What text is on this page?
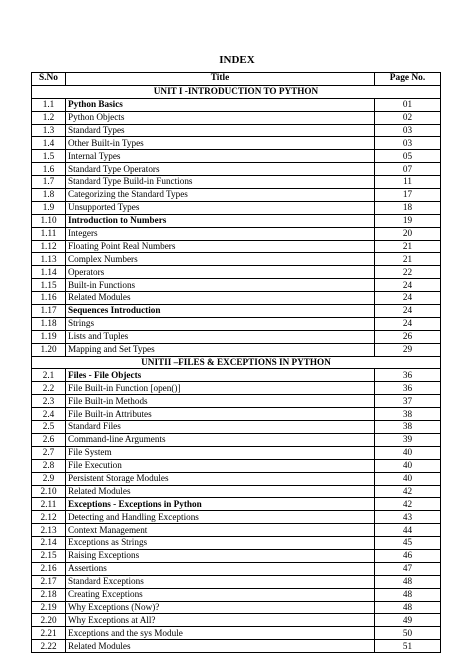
INDEX
S.No	Title	Page No.
UNIT I -INTRODUCTION TO PYTHON		
1.1	Python Basics	01
1.2	Python Objects	02
1.3	Standard Types	03
1.4	Other Built-in Types	03
1.5	Internal Types	05
1.6	Standard Type Operators	07
1.7	Standard Type Build-in Functions	11
1.8	Categorizing the Standard Types	17
1.9	Unsupported Types	18
1.10	Introduction to Numbers	19
1.11	Integers	20
1.12	Floating Point Real Numbers	21
1.13	Complex Numbers	21
1.14	Operators	22
1.15	Built-in Functions	24
1.16	Related Modules	24
1.17	Sequences Introduction	24
1.18	Strings	24
1.19	Lists and Tuples	26
1.20	Mapping and Set Types	29
UNITII –FILES & EXCEPTIONS IN PYTHON		
2.1	Files - File Objects	36
2.2	File Built-in Function [open()]	36
2.3	File Built-in Methods	37
2.4	File Built-in Attributes	38
2.5	Standard Files	38
2.6	Command-line Arguments	39
2.7	File System	40
2.8	File Execution	40
2.9	Persistent Storage Modules	40
2.10	Related Modules	42
2.11	Exceptions - Exceptions in Python	42
2.12	Detecting and Handling Exceptions	43
2.13	Context Management	44
2.14	Exceptions as Strings	45
2.15	Raising Exceptions	46
2.16	Assertions	47
2.17	Standard Exceptions	48
2.18	Creating Exceptions	48
2.19	Why Exceptions (Now)?	48
2.20	Why Exceptions at All?	49
2.21	Exceptions and the sys Module	50
2.22	Related Modules	51
